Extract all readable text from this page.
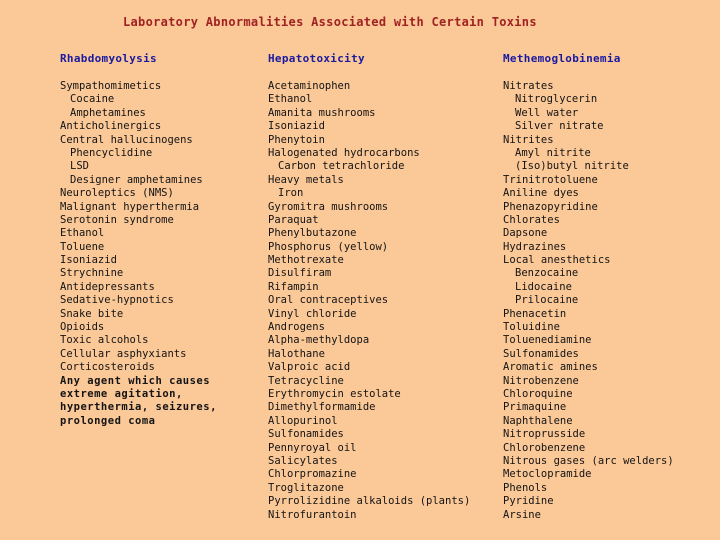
Laboratory Abnormalities Associated with Certain Toxins
Rhabdomyolysis
Sympathomimetics
Cocaine
Amphetamines
Anticholinergics
Central hallucinogens
Phencyclidine
LSD
Designer amphetamines
Neuroleptics (NMS)
Malignant hyperthermia
Serotonin syndrome
Ethanol
Toluene
Isoniazid
Strychnine
Antidepressants
Sedative-hypnotics
Snake bite
Opioids
Toxic alcohols
Cellular asphyxiants
Corticosteroids
Any agent which causes
extreme agitation,
hyperthermia, seizures,
prolonged coma
Hepatotoxicity
Acetaminophen
Ethanol
Amanita mushrooms
Isoniazid
Phenytoin
Halogenated hydrocarbons
Carbon tetrachloride
Heavy metals
Iron
Gyromitra mushrooms
Paraquat
Phenylbutazone
Phosphorus (yellow)
Methotrexate
Disulfiram
Rifampin
Oral contraceptives
Vinyl chloride
Androgens
Alpha-methyldopa
Halothane
Valproic acid
Tetracycline
Erythromycin estolate
Dimethylformamide
Allopurinol
Sulfonamides
Pennyroyal oil
Salicylates
Chlorpromazine
Troglitazone
Pyrrolizidine alkaloids (plants)
Nitrofurantoin
Methemoglobinemia
Nitrates
Nitroglycerin
Well water
Silver nitrate
Nitrites
Amyl nitrite
(Iso)butyl nitrite
Trinitrotoluene
Aniline dyes
Phenazopyridine
Chlorates
Dapsone
Hydrazines
Local anesthetics
Benzocaine
Lidocaine
Prilocaine
Phenacetin
Toluidine
Toluenediamine
Sulfonamides
Aromatic amines
Nitrobenzene
Chloroquine
Primaquine
Naphthalene
Nitroprusside
Chlorobenzene
Nitrous gases (arc welders)
Metoclopramide
Phenols
Pyridine
Arsine
